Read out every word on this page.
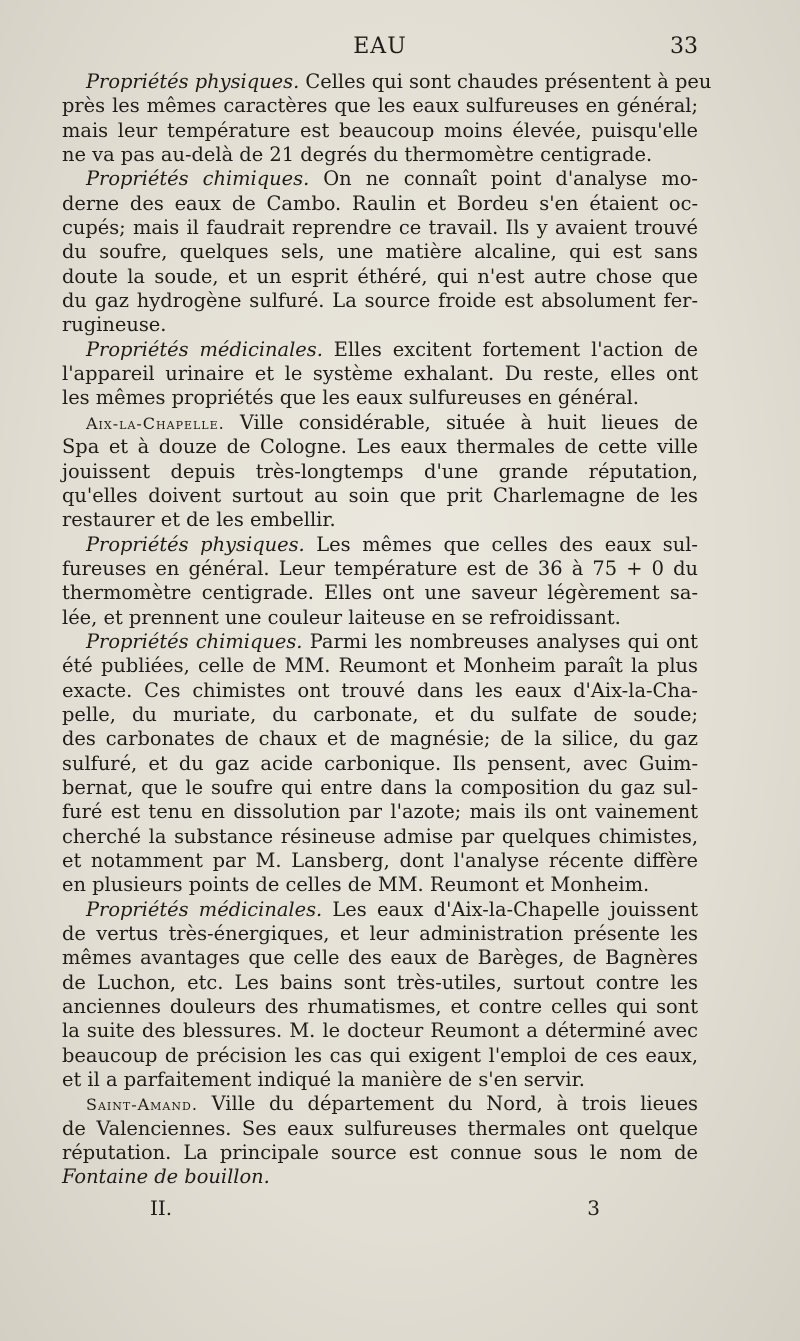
EAU	33
Propriétés physiques. Celles qui sont chaudes présentent à peu
près les mêmes caractères que les eaux sulfureuses en général;
mais leur température est beaucoup moins élevée, puisqu'elle
ne va pas au-delà de 21 degrés du thermomètre centigrade.
Propriétés chimiques. On ne connaît point d'analyse mo-
derne des eaux de Cambo. Raulin et Bordeu s'en étaient oc-
cupés; mais il faudrait reprendre ce travail. Ils y avaient trouvé
du soufre, quelques sels, une matière alcaline, qui est sans
doute la soude, et un esprit éthéré, qui n'est autre chose que
du gaz hydrogène sulfuré. La source froide est absolument fer-
rugineuse.
Propriétés médicinales. Elles excitent fortement l'action de
l'appareil urinaire et le système exhalant. Du reste, elles ont
les mêmes propriétés que les eaux sulfureuses en général.
Aix-la-Chapelle. Ville considérable, située à huit lieues de
Spa et à douze de Cologne. Les eaux thermales de cette ville
jouissent depuis très-longtemps d'une grande réputation,
qu'elles doivent surtout au soin que prit Charlemagne de les
restaurer et de les embellir.
Propriétés physiques. Les mêmes que celles des eaux sul-
fureuses en général. Leur température est de 36 à 75 + 0 du
thermomètre centigrade. Elles ont une saveur légèrement sa-
lée, et prennent une couleur laiteuse en se refroidissant.
Propriétés chimiques. Parmi les nombreuses analyses qui ont
été publiées, celle de MM. Reumont et Monheim paraît la plus
exacte. Ces chimistes ont trouvé dans les eaux d'Aix-la-Cha-
pelle, du muriate, du carbonate, et du sulfate de soude;
des carbonates de chaux et de magnésie; de la silice, du gaz
sulfuré, et du gaz acide carbonique. Ils pensent, avec Guim-
bernat, que le soufre qui entre dans la composition du gaz sul-
furé est tenu en dissolution par l'azote; mais ils ont vainement
cherché la substance résineuse admise par quelques chimistes,
et notamment par M. Lansberg, dont l'analyse récente diffère
en plusieurs points de celles de MM. Reumont et Monheim.
Propriétés médicinales. Les eaux d'Aix-la-Chapelle jouissent
de vertus très-énergiques, et leur administration présente les
mêmes avantages que celle des eaux de Barèges, de Bagnères
de Luchon, etc. Les bains sont très-utiles, surtout contre les
anciennes douleurs des rhumatismes, et contre celles qui sont
la suite des blessures. M. le docteur Reumont a déterminé avec
beaucoup de précision les cas qui exigent l'emploi de ces eaux,
et il a parfaitement indiqué la manière de s'en servir.
Saint-Amand. Ville du département du Nord, à trois lieues
de Valenciennes. Ses eaux sulfureuses thermales ont quelque
réputation. La principale source est connue sous le nom de
Fontaine de bouillon.
II.	3
